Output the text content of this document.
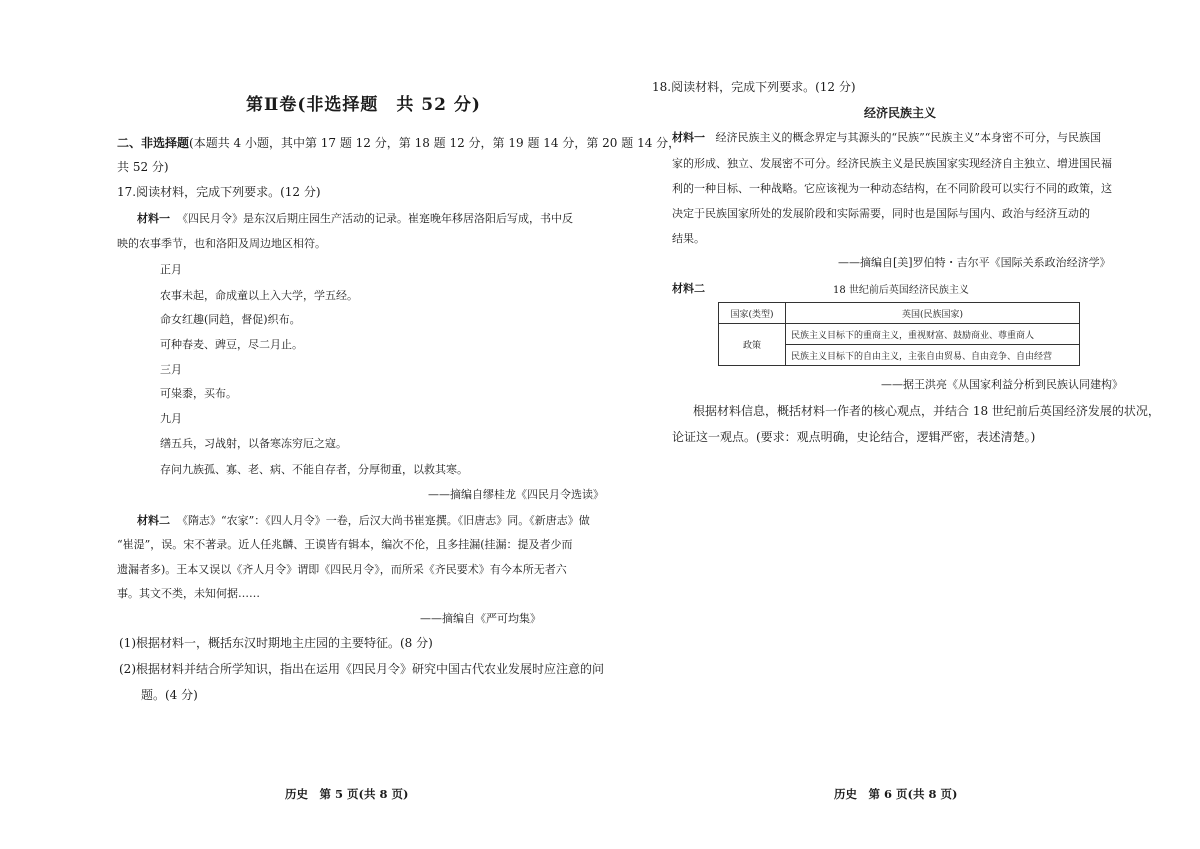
第Ⅱ卷(非选择题　共 52 分)
二、非选择题(本题共 4 小题，其中第 17 题 12 分，第 18 题 12 分，第 19 题 14 分，第 20 题 14 分，
共 52 分)
17.阅读材料，完成下列要求。(12 分)
材料一 《四民月令》是东汉后期庄园生产活动的记录。崔寔晚年移居洛阳后写成，书中反
映的农事季节，也和洛阳及周边地区相符。
正月
农事未起，命成童以上入大学，学五经。
命女红趣(同趋，督促)织布。
可种春麦、豍豆，尽二月止。
三月
可粜黍，买布。
九月
缮五兵，习战射，以备寒冻穷厄之寇。
存问九族孤、寡、老、病、不能自存者，分厚彻重，以救其寒。
——摘编自缪桂龙《四民月令选读》
材料二 《隋志》“农家”：《四人月令》一卷，后汉大尚书崔寔撰。《旧唐志》同。《新唐志》做
“崔湜”，误。宋不著录。近人任兆麟、王谟皆有辑本，编次不伦，且多挂漏(挂漏：提及者少而
遗漏者多)。王本又误以《齐人月令》谓即《四民月令》，而所采《齐民要术》有今本所无者六
事。其文不类，未知何据……
——摘编自《严可均集》
(1)根据材料一，概括东汉时期地主庄园的主要特征。(8 分)
(2)根据材料并结合所学知识，指出在运用《四民月令》研究中国古代农业发展时应注意的问
题。(4 分)
历史　第 5 页(共 8 页)
18.阅读材料，完成下列要求。(12 分)
经济民族主义
材料一 经济民族主义的概念界定与其源头的“民族”“民族主义”本身密不可分，与民族国
家的形成、独立、发展密不可分。经济民族主义是民族国家实现经济自主独立、增进国民福
利的一种目标、一种战略。它应该视为一种动态结构，在不同阶段可以实行不同的政策，这
决定于民族国家所处的发展阶段和实际需要，同时也是国际与国内、政治与经济互动的
结果。
——摘编自[美]罗伯特・吉尔平《国际关系政治经济学》
材料二	18 世纪前后英国经济民族主义
国家(类型)	英国(民族国家)
政策	民族主义目标下的重商主义，重视财富、鼓励商业、尊重商人
	民族主义目标下的自由主义，主张自由贸易、自由竞争、自由经营
——据王洪亮《从国家利益分析到民族认同建构》
根据材料信息，概括材料一作者的核心观点，并结合 18 世纪前后英国经济发展的状况，
论证这一观点。(要求：观点明确，史论结合，逻辑严密，表述清楚。)
历史　第 6 页(共 8 页)
